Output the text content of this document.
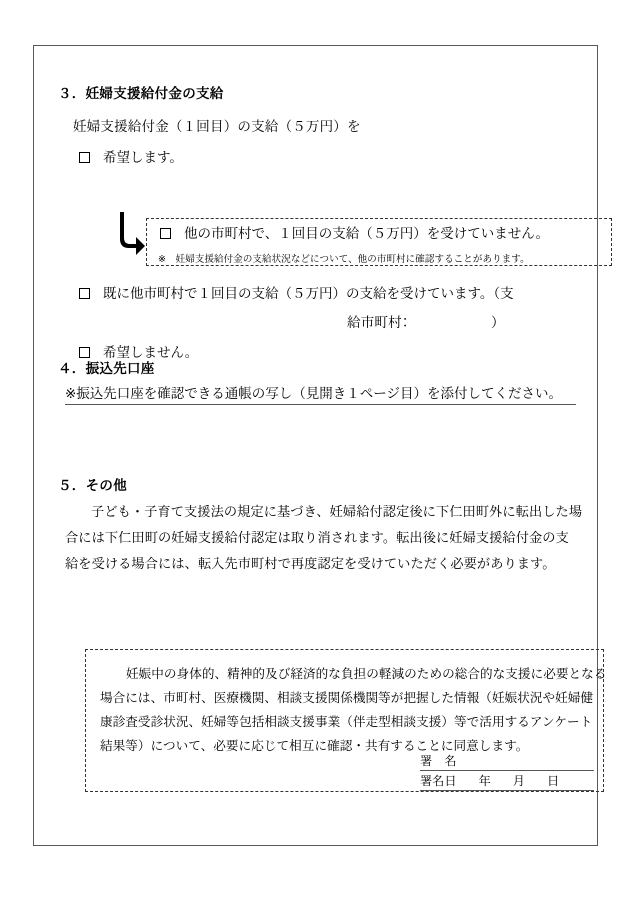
３．妊婦支援給付金の支給
妊婦支援給付金（１回目）の支給（５万円）を
希望します。
他の市町村で、１回目の支給（５万円）を受けていません。
※　妊婦支援給付金の支給状況などについて、他の市町村に確認することがあります。
既に他市町村で１回目の支給（５万円）の支給を受けています。（支
給市町村：　　　　　　）
希望しません。
４．振込先口座
※振込先口座を確認できる通帳の写し（見開き１ページ目）を添付してください。
５．その他

子ども・子育て支援法の規定に基づき、妊婦給付認定後に下仁田町外に転出した場

合には下仁田町の妊婦支援給付認定は取り消されます。転出後に妊婦支援給付金の支

給を受ける場合には、転入先市町村で再度認定を受けていただく必要があります。

妊娠中の身体的、精神的及び経済的な負担の軽減のための総合的な支援に必要となる

場合には、市町村、医療機関、相談支援関係機関等が把握した情報（妊娠状況や妊婦健

康診査受診状況、妊婦等包括相談支援事業（伴走型相談支援）等で活用するアンケート

結果等）について、必要に応じて相互に確認・共有することに同意します。

署　名
署名日 年 月 日
